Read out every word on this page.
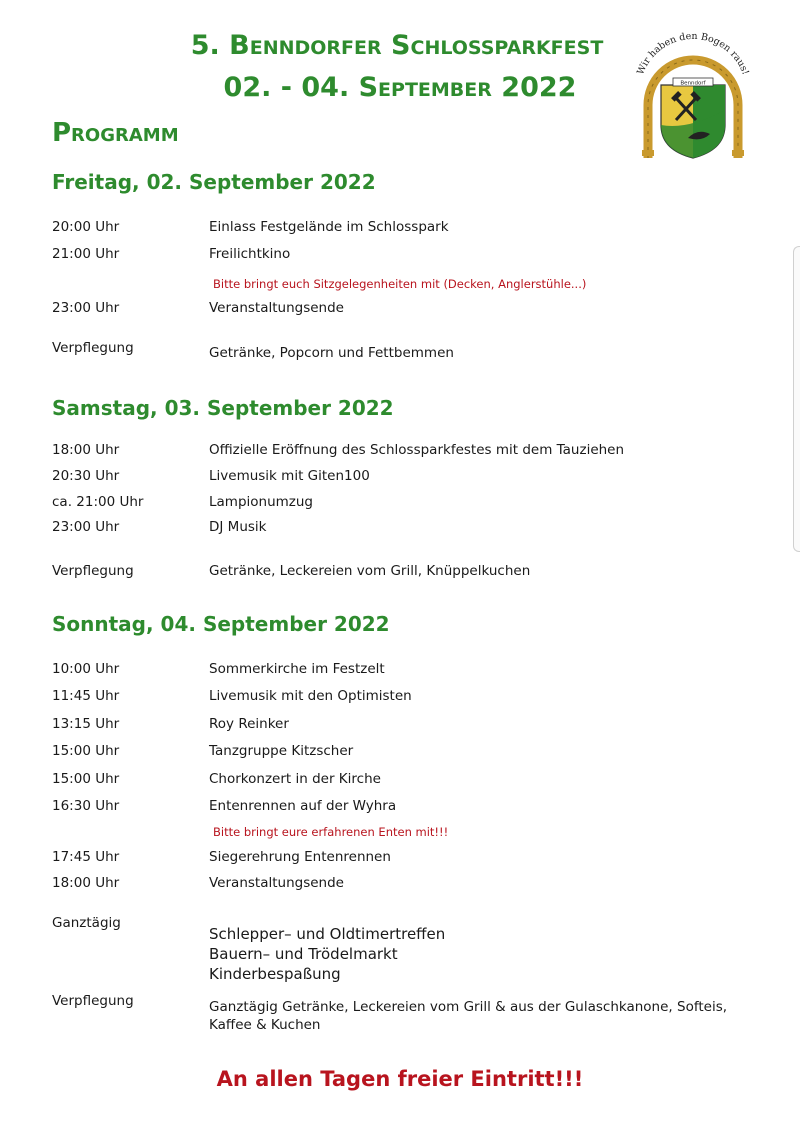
5. Benndorfer Schlossparkfest
02. - 04. September 2022
Wir haben den Bogen raus!
Benndorf
Programm
Freitag, 02. September 2022
20:00 Uhr	Einlass Festgelände im Schlosspark
21:00 Uhr	Freilichtkino
Bitte bringt euch Sitzgelegenheiten mit (Decken, Anglerstühle...)
23:00 Uhr	Veranstaltungsende
Verpflegung	Getränke, Popcorn und Fettbemmen
Samstag, 03. September 2022
18:00 Uhr	Offizielle Eröffnung des Schlossparkfestes mit dem Tauziehen
20:30 Uhr	Livemusik mit Giten100
ca. 21:00 Uhr	Lampionumzug
23:00 Uhr	DJ Musik
Verpflegung	Getränke, Leckereien vom Grill, Knüppelkuchen
Sonntag, 04. September 2022
10:00 Uhr	Sommerkirche im Festzelt
11:45 Uhr	Livemusik mit den Optimisten
13:15 Uhr	Roy Reinker
15:00 Uhr	Tanzgruppe Kitzscher
15:00 Uhr	Chorkonzert in der Kirche
16:30 Uhr	Entenrennen auf der Wyhra
Bitte bringt eure erfahrenen Enten mit!!!
17:45 Uhr	Siegerehrung Entenrennen
18:00 Uhr	Veranstaltungsende
Ganztägig
Schlepper– und Oldtimertreffen
Bauern– und Trödelmarkt
Kinderbespaßung
Verpflegung	Ganztägig Getränke, Leckereien vom Grill & aus der Gulaschkanone, Softeis,
Kaffee & Kuchen
An allen Tagen freier Eintritt!!!
